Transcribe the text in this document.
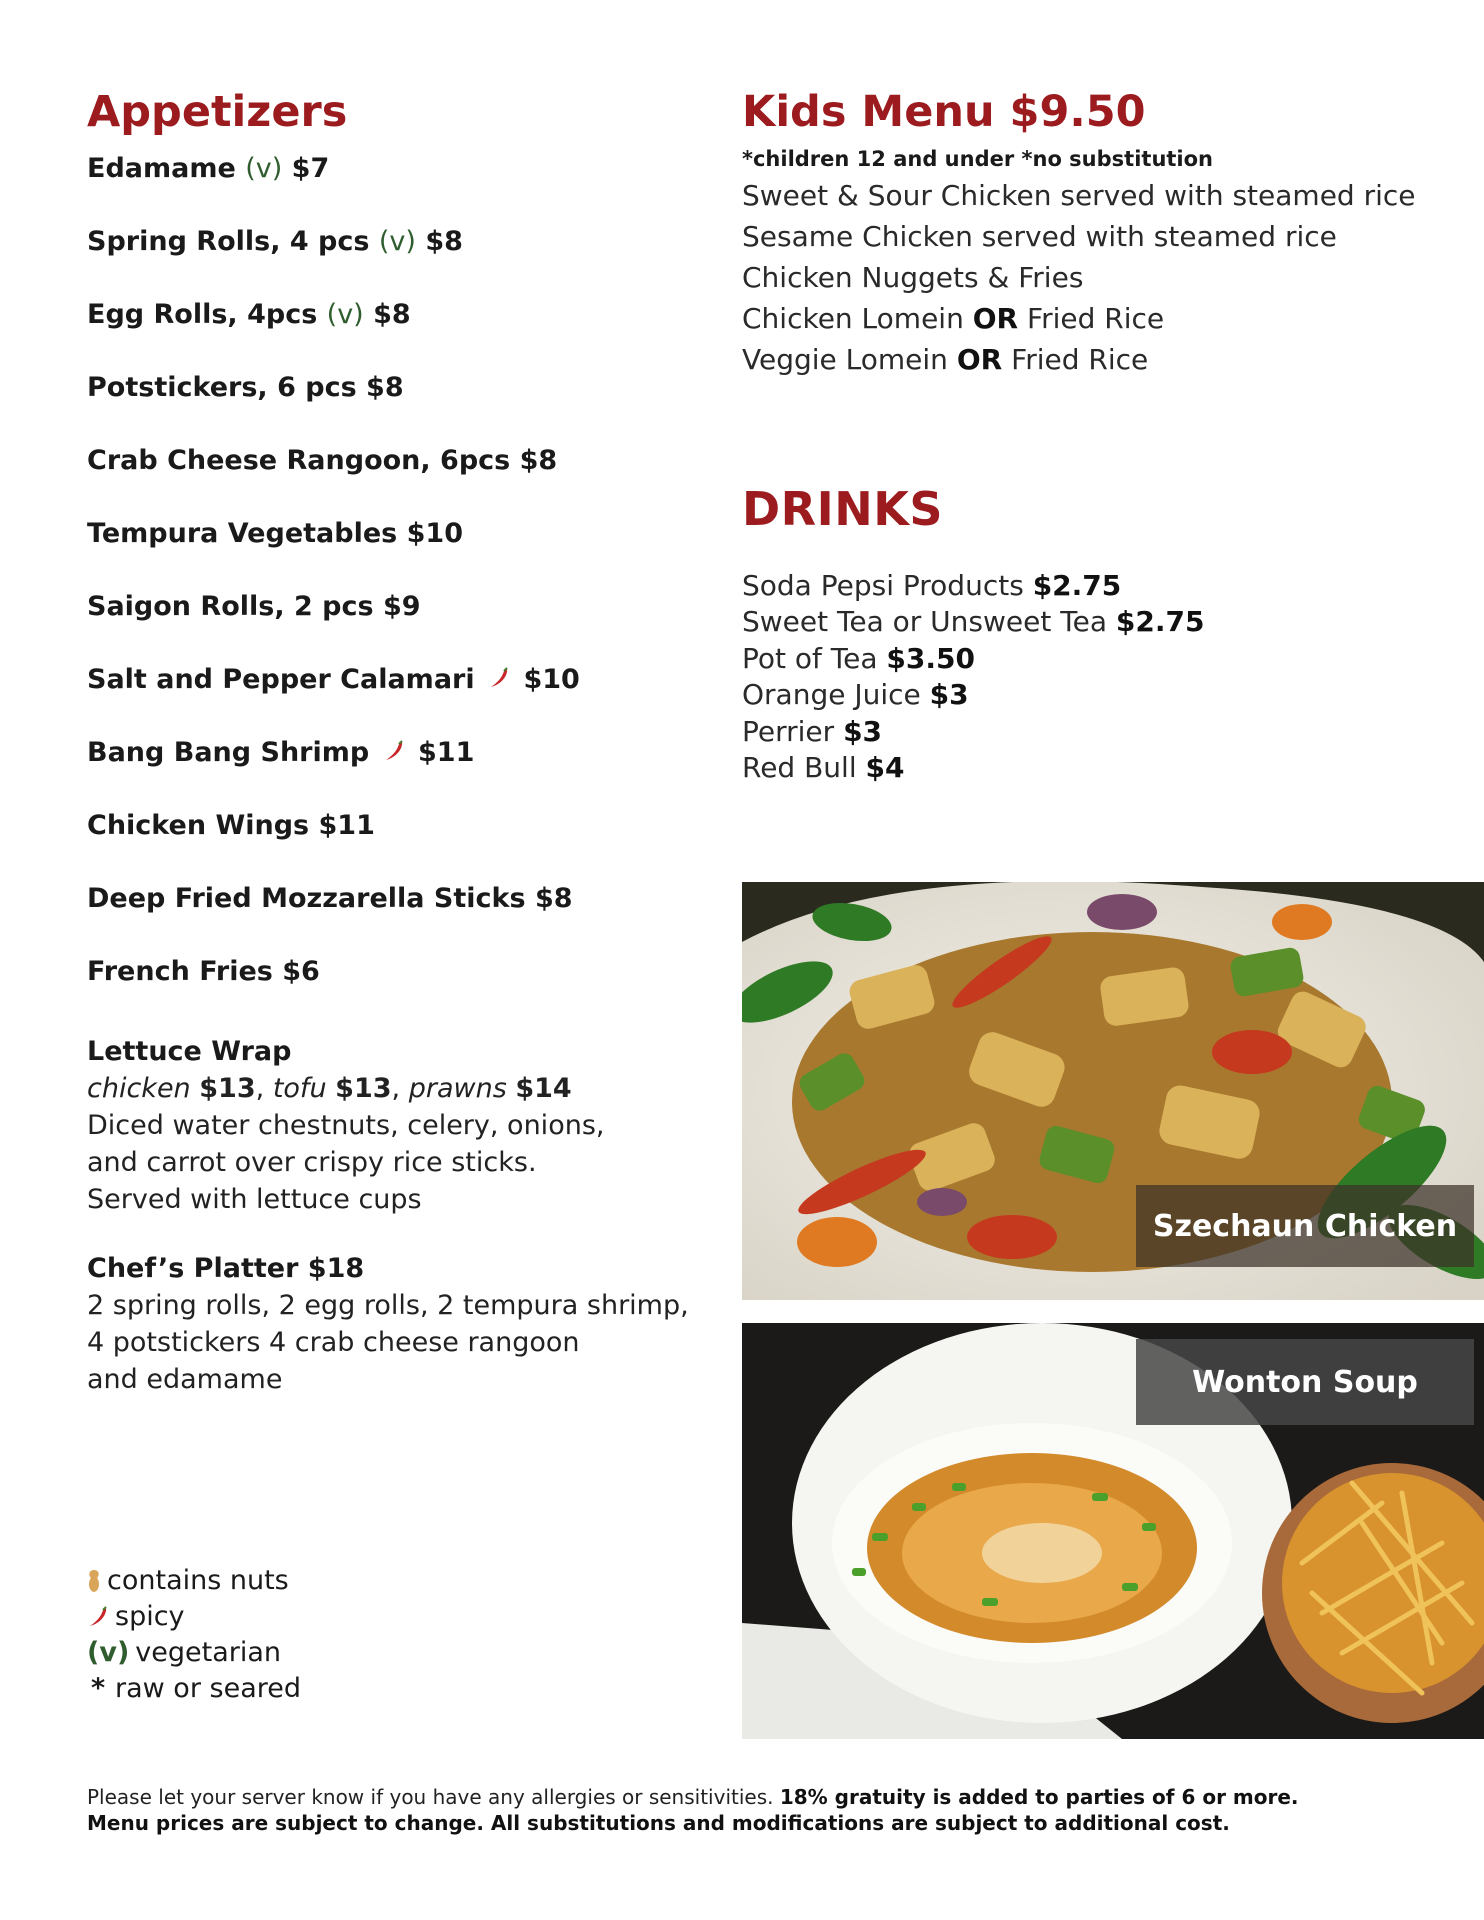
Appetizers
Edamame (v) $7
Spring Rolls, 4 pcs (v) $8
Egg Rolls, 4pcs (v) $8
Potstickers, 6 pcs $8
Crab Cheese Rangoon, 6pcs $8
Tempura Vegetables $10
Saigon Rolls, 2 pcs $9
Salt and Pepper Calamari $10
Bang Bang Shrimp $11
Chicken Wings $11
Deep Fried Mozzarella Sticks $8
French Fries $6
Lettuce Wrap
chicken $13, tofu $13, prawns $14
Diced water chestnuts, celery, onions,
and carrot over crispy rice sticks.
Served with lettuce cups
Chef’s Platter $18
2 spring rolls, 2 egg rolls, 2 tempura shrimp,
4 potstickers 4 crab cheese rangoon
and edamame
contains nuts
spicy
(v) vegetarian
* raw or seared
Kids Menu $9.50
*children 12 and under *no substitution
Sweet & Sour Chicken served with steamed rice
Sesame Chicken served with steamed rice
Chicken Nuggets & Fries
Chicken Lomein OR Fried Rice
Veggie Lomein OR Fried Rice
DRINKS
Soda Pepsi Products $2.75
Sweet Tea or Unsweet Tea $2.75
Pot of Tea $3.50
Orange Juice $3
Perrier $3
Red Bull $4
Szechaun Chicken
Wonton Soup
Please let your server know if you have any allergies or sensitivities. 18% gratuity is added to parties of 6 or more.
Menu prices are subject to change. All substitutions and modifications are subject to additional cost.
